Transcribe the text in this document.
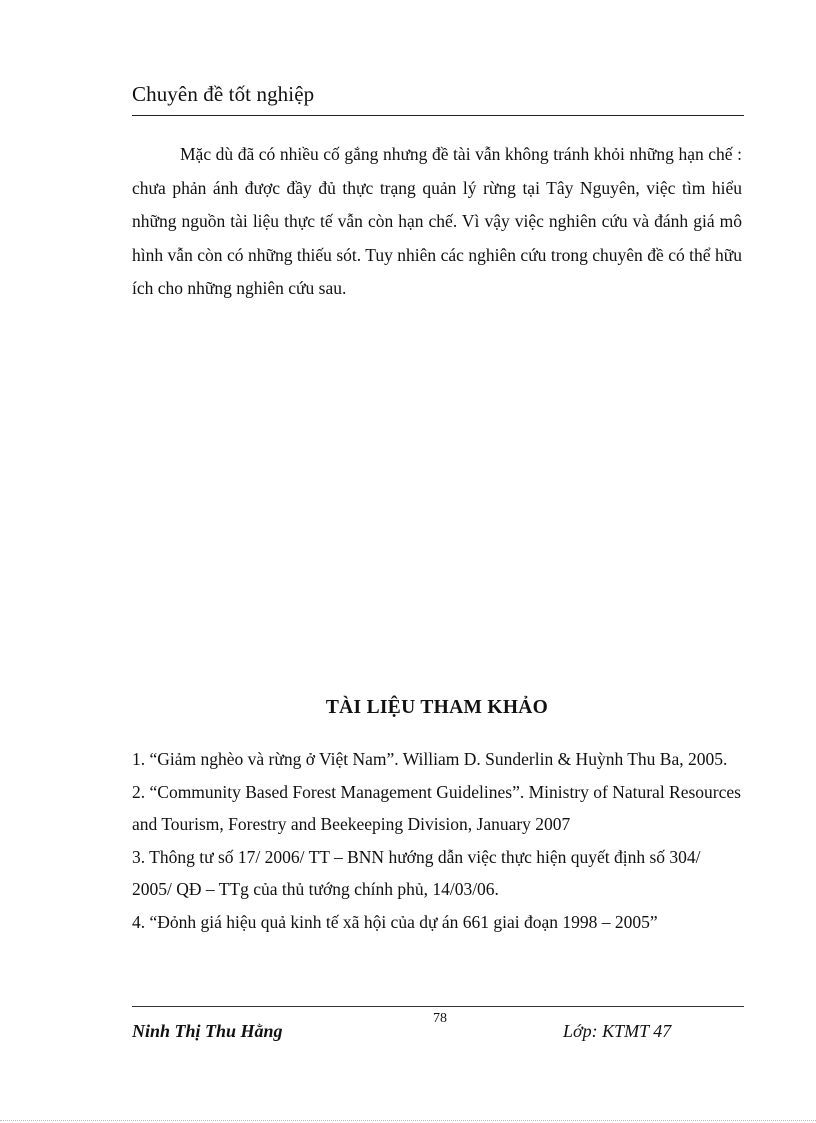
Chuyên đề tốt nghiệp

Mặc dù đã có nhiều cố gắng nhưng đề tài vẫn không tránh khỏi những hạn chế : chưa phản ánh được đầy đủ thực trạng quản lý rừng tại Tây Nguyên, việc tìm hiểu những nguồn tài liệu thực tế vẫn còn hạn chế. Vì vậy việc nghiên cứu và đánh giá mô hình vẫn còn có những thiếu sót. Tuy nhiên các nghiên cứu trong chuyên đề có thể hữu ích cho những nghiên cứu sau.

TÀI LIỆU THAM KHẢO
1. “Giảm nghèo và rừng ở Việt Nam”. William D. Sunderlin & Huỳnh Thu Ba, 2005.
2. “Community Based Forest Management Guidelines”. Ministry of Natural Resources and Tourism, Forestry and Beekeeping Division, January 2007
3. Thông tư số 17/ 2006/ TT – BNN hướng dẫn việc thực hiện quyết định số 304/ 2005/ QĐ – TTg của thủ tướng chính phủ, 14/03/06.
4. “Đỏnh giá hiệu quả kinh tế xã hội của dự án 661 giai đoạn 1998 – 2005”
Ninh Thị Thu Hằng
78
Lớp: KTMT 47
